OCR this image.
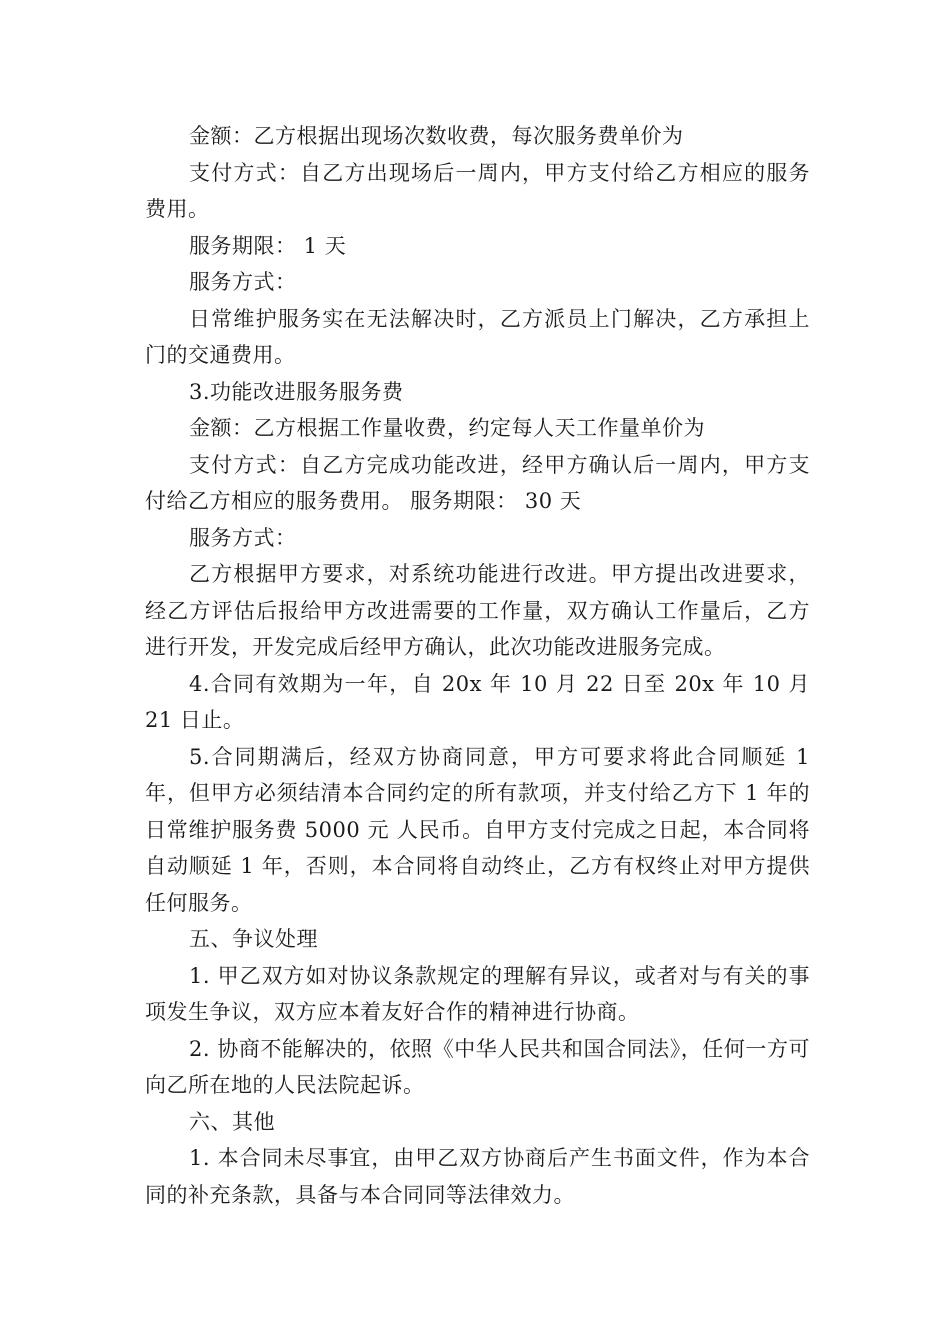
金额：乙方根据出现场次数收费，每次服务费单价为

支付方式：自乙方出现场后一周内，甲方支付给乙方相应的服务费用。

服务期限： 1 天

服务方式：

日常维护服务实在无法解决时，乙方派员上门解决，乙方承担上门的交通费用。

3.功能改进服务服务费

金额：乙方根据工作量收费，约定每人天工作量单价为

支付方式：自乙方完成功能改进，经甲方确认后一周内，甲方支付给乙方相应的服务费用。 服务期限： 30 天

服务方式：

乙方根据甲方要求，对系统功能进行改进。甲方提出改进要求，经乙方评估后报给甲方改进需要的工作量，双方确认工作量后，乙方进行开发，开发完成后经甲方确认，此次功能改进服务完成。

4.合同有效期为一年，自 20x 年 10 月 22 日至 20x 年 10 月 21 日止。

5.合同期满后，经双方协商同意，甲方可要求将此合同顺延 1 年，但甲方必须结清本合同约定的所有款项，并支付给乙方下 1 年的日常维护服务费 5000 元 人民币。自甲方支付完成之日起，本合同将自动顺延 1 年，否则，本合同将自动终止，乙方有权终止对甲方提供任何服务。

五、争议处理

1. 甲乙双方如对协议条款规定的理解有异议，或者对与有关的事项发生争议，双方应本着友好合作的精神进行协商。

2. 协商不能解决的，依照《中华人民共和国合同法》，任何一方可向乙所在地的人民法院起诉。

六、其他

1. 本合同未尽事宜，由甲乙双方协商后产生书面文件，作为本合同的补充条款，具备与本合同同等法律效力。
